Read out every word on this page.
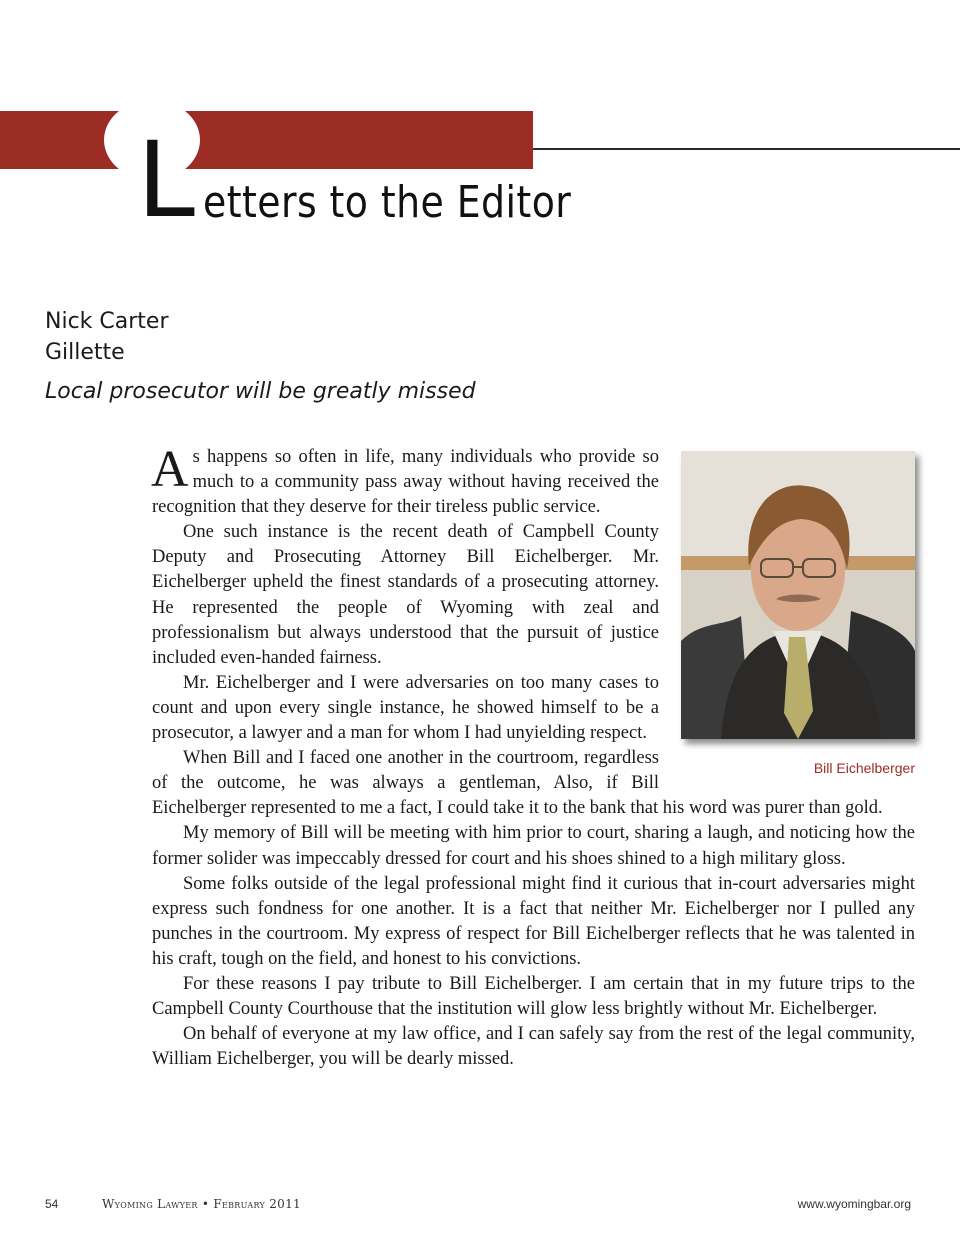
L etters to the Editor
Nick Carter
Gillette
Local prosecutor will be greatly missed
Bill Eichelberger

As happens so often in life, many individuals who provide so much to a community pass away without having received the recognition that they deserve for their tireless public service.

One such instance is the recent death of Campbell County Deputy and Prosecuting Attorney Bill Eichelberger. Mr. Eichelberger upheld the finest standards of a prosecuting attorney. He represented the people of Wyoming with zeal and professionalism but always understood that the pursuit of justice included even-handed fairness.

Mr. Eichelberger and I were adversaries on too many cases to count and upon every single instance, he showed himself to be a prosecutor, a lawyer and a man for whom I had unyielding respect.

When Bill and I faced one another in the courtroom, regardless of the outcome, he was always a gentleman, Also, if Bill Eichelberger represented to me a fact, I could take it to the bank that his word was purer than gold.

My memory of Bill will be meeting with him prior to court, sharing a laugh, and noticing how the former solider was impeccably dressed for court and his shoes shined to a high military gloss.

Some folks outside of the legal professional might find it curious that in-court adversaries might express such fondness for one another. It is a fact that neither Mr. Eichelberger nor I pulled any punches in the courtroom. My express of respect for Bill Eichelberger reflects that he was talented in his craft, tough on the field, and honest to his convictions.

For these reasons I pay tribute to Bill Eichelberger. I am certain that in my future trips to the Campbell County Courthouse that the institution will glow less brightly without Mr. Eichelberger.

On behalf of everyone at my law office, and I can safely say from the rest of the legal community, William Eichelberger, you will be dearly missed.

54	Wyoming Lawyer • February 2011	www.wyomingbar.org
